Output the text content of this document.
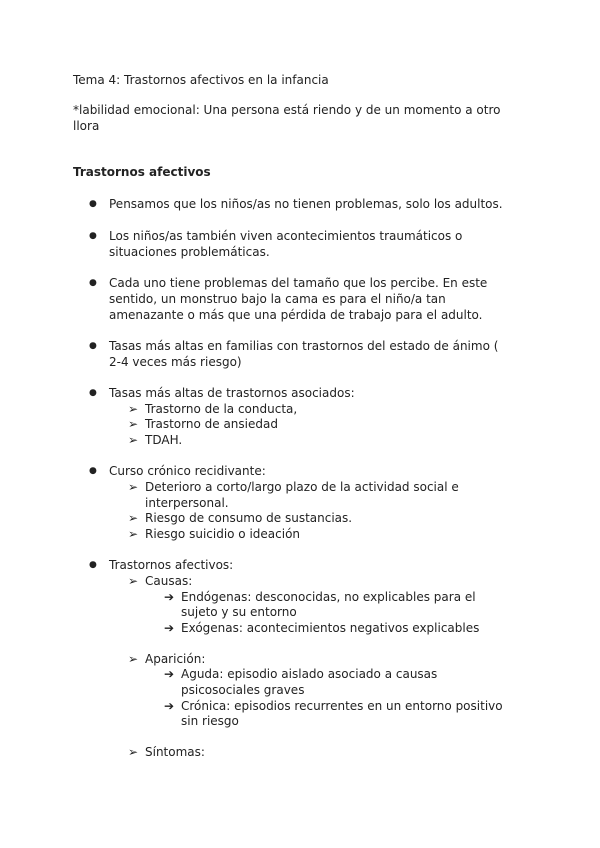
Tema 4: Trastornos afectivos en la infancia
*labilidad emocional: Una persona está riendo y de un momento a otro
llora
Trastornos afectivos
● Pensamos que los niños/as no tienen problemas, solo los adultos.
● Los niños/as también viven acontecimientos traumáticos o
situaciones problemáticas.
● Cada uno tiene problemas del tamaño que los percibe. En este
sentido, un monstruo bajo la cama es para el niño/a tan
amenazante o más que una pérdida de trabajo para el adulto.
● Tasas más altas en familias con trastornos del estado de ánimo (
2-4 veces más riesgo)
● Tasas más altas de trastornos asociados:
➢ Trastorno de la conducta,
➢ Trastorno de ansiedad
➢ TDAH.
● Curso crónico recidivante:
➢ Deterioro a corto/largo plazo de la actividad social e
interpersonal.
➢ Riesgo de consumo de sustancias.
➢ Riesgo suicidio o ideación
● Trastornos afectivos:
➢ Causas:
➔ Endógenas: desconocidas, no explicables para el
sujeto y su entorno
➔ Exógenas: acontecimientos negativos explicables
➢ Aparición:
➔ Aguda: episodio aislado asociado a causas
psicosociales graves
➔ Crónica: episodios recurrentes en un entorno positivo
sin riesgo
➢ Síntomas:
